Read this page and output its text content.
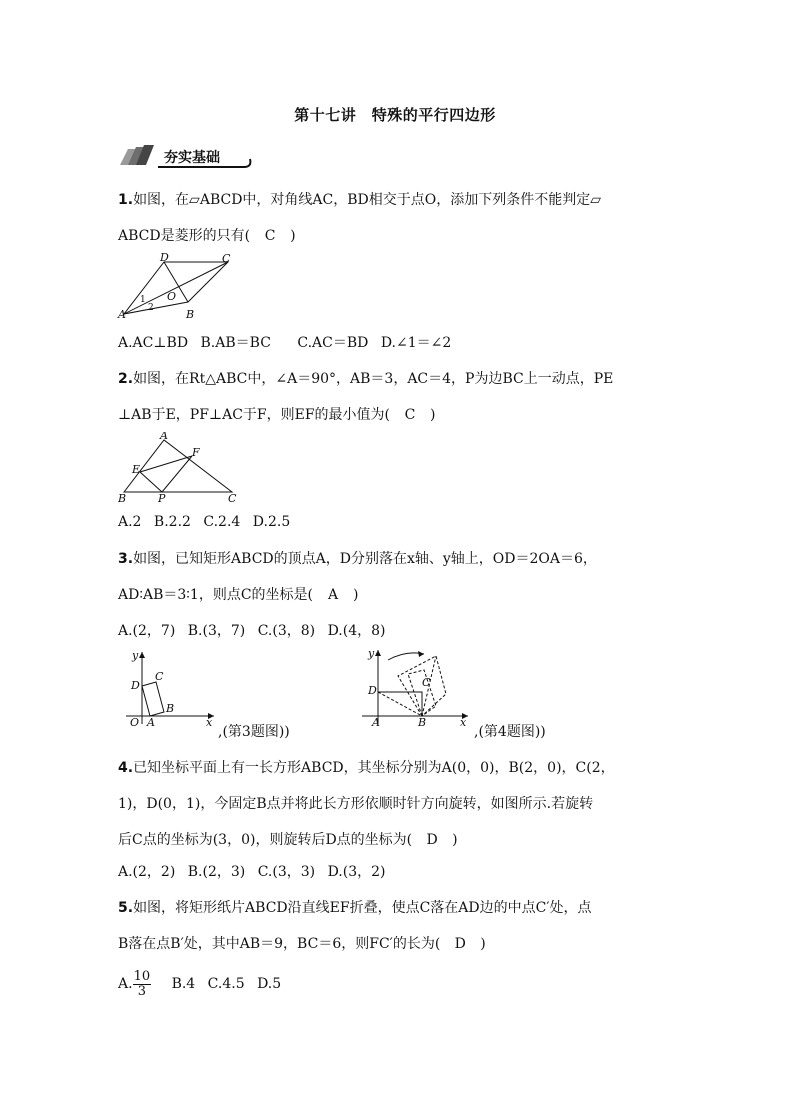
第十七讲　特殊的平行四边形
夯实基础
1.如图，在▱ABCD中，对角线AC，BD相交于点O，添加下列条件不能判定▱
ABCD是菱形的只有( C )
D	C
O
A	B
1
2
A.AC⊥BD B.AB＝BC C.AC＝BD D.∠1＝∠2
2.如图，在Rt△ABC中，∠A＝90°，AB＝3，AC＝4，P为边BC上一动点，PE
⊥AB于E，PF⊥AC于F，则EF的最小值为( C )
A
E
F
B	P	C
A.2 B.2.2 C.2.4 D.2.5
3.如图，已知矩形ABCD的顶点A，D分别落在x轴、y轴上，OD＝2OA＝6，
AD∶AB＝3∶1，则点C的坐标是( A )
A.(2，7) B.(3，7) C.(3，8) D.(4，8)
y
x
O A
B
C
D
,(第3题图))
y
x
A	B
C
D
,(第4题图))
4.已知坐标平面上有一长方形ABCD，其坐标分别为A(0，0)，B(2，0)，C(2，
1)，D(0，1)，今固定B点并将此长方形依顺时针方向旋转，如图所示.若旋转
后C点的坐标为(3，0)，则旋转后D点的坐标为( D )
A.(2，2) B.(2，3) C.(3，3) D.(3，2)
5.如图，将矩形纸片ABCD沿直线EF折叠，使点C落在AD边的中点C′处，点
B落在点B′处，其中AB＝9，BC＝6，则FC′的长为( D )
A. $\frac{10}{3} B.4$ C.4.5 D.5
